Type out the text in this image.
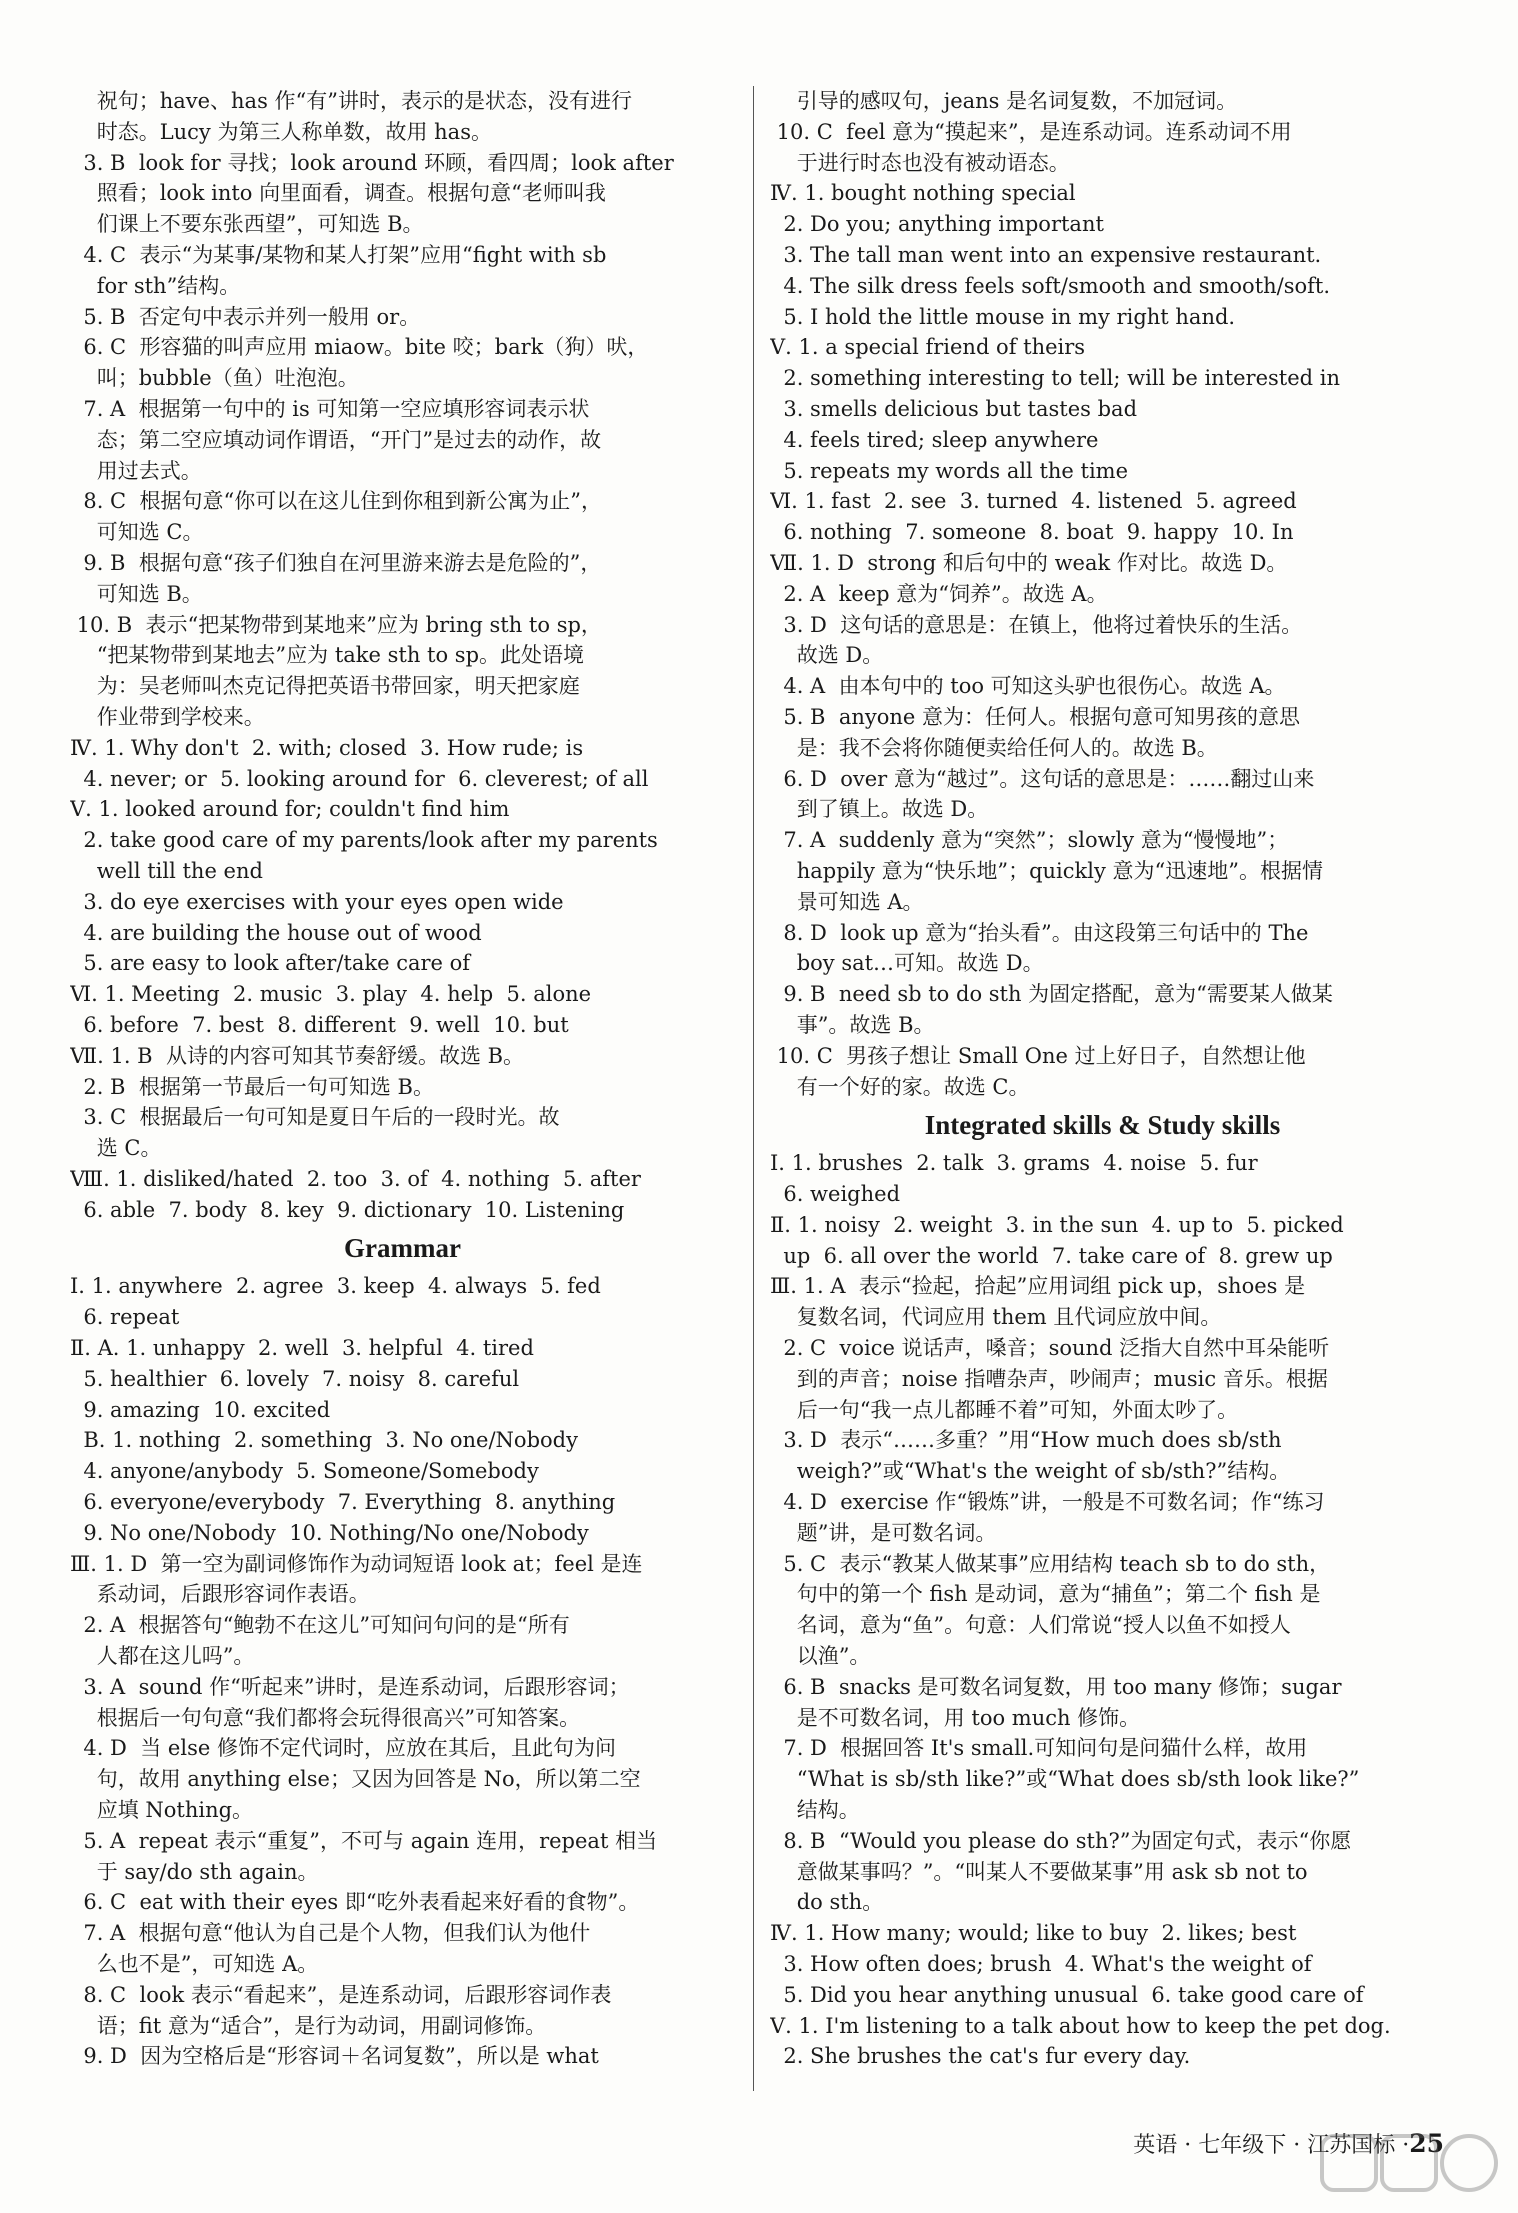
祝句；have、has 作“有”讲时，表示的是状态，没有进行
时态。Lucy 为第三人称单数，故用 has。
3. B  look for 寻找；look around 环顾，看四周；look after
照看；look into 向里面看，调查。根据句意“老师叫我
们课上不要东张西望”，可知选 B。
4. C  表示“为某事/某物和某人打架”应用“fight with sb
for sth”结构。
5. B  否定句中表示并列一般用 or。
6. C  形容猫的叫声应用 miaow。bite 咬；bark（狗）吠，
叫；bubble（鱼）吐泡泡。
7. A  根据第一句中的 is 可知第一空应填形容词表示状
态；第二空应填动词作谓语，“开门”是过去的动作，故
用过去式。
8. C  根据句意“你可以在这儿住到你租到新公寓为止”，
可知选 C。
9. B  根据句意“孩子们独自在河里游来游去是危险的”，
可知选 B。
10. B  表示“把某物带到某地来”应为 bring sth to sp，
“把某物带到某地去”应为 take sth to sp。此处语境
为：吴老师叫杰克记得把英语书带回家，明天把家庭
作业带到学校来。
Ⅳ. 1. Why don't  2. with; closed  3. How rude; is
4. never; or  5. looking around for  6. cleverest; of all
Ⅴ. 1. looked around for; couldn't find him
2. take good care of my parents/look after my parents
well till the end
3. do eye exercises with your eyes open wide
4. are building the house out of wood
5. are easy to look after/take care of
Ⅵ. 1. Meeting  2. music  3. play  4. help  5. alone
6. before  7. best  8. different  9. well  10. but
Ⅶ. 1. B  从诗的内容可知其节奏舒缓。故选 B。
2. B  根据第一节最后一句可知选 B。
3. C  根据最后一句可知是夏日午后的一段时光。故
选 C。
Ⅷ. 1. disliked/hated  2. too  3. of  4. nothing  5. after
6. able  7. body  8. key  9. dictionary  10. Listening
Grammar
Ⅰ. 1. anywhere  2. agree  3. keep  4. always  5. fed
6. repeat
Ⅱ. A. 1. unhappy  2. well  3. helpful  4. tired
5. healthier  6. lovely  7. noisy  8. careful
9. amazing  10. excited
B. 1. nothing  2. something  3. No one/Nobody
4. anyone/anybody  5. Someone/Somebody
6. everyone/everybody  7. Everything  8. anything
9. No one/Nobody  10. Nothing/No one/Nobody
Ⅲ. 1. D  第一空为副词修饰作为动词短语 look at；feel 是连
系动词，后跟形容词作表语。
2. A  根据答句“鲍勃不在这儿”可知问句问的是“所有
人都在这儿吗”。
3. A  sound 作“听起来”讲时，是连系动词，后跟形容词；
根据后一句句意“我们都将会玩得很高兴”可知答案。
4. D  当 else 修饰不定代词时，应放在其后，且此句为问
句，故用 anything else；又因为回答是 No，所以第二空
应填 Nothing。
5. A  repeat 表示“重复”，不可与 again 连用，repeat 相当
于 say/do sth again。
6. C  eat with their eyes 即“吃外表看起来好看的食物”。
7. A  根据句意“他认为自己是个人物，但我们认为他什
么也不是”，可知选 A。
8. C  look 表示“看起来”，是连系动词，后跟形容词作表
语；fit 意为“适合”，是行为动词，用副词修饰。
9. D  因为空格后是“形容词＋名词复数”，所以是 what
引导的感叹句，jeans 是名词复数，不加冠词。
10. C  feel 意为“摸起来”，是连系动词。连系动词不用
于进行时态也没有被动语态。
Ⅳ. 1. bought nothing special
2. Do you; anything important
3. The tall man went into an expensive restaurant.
4. The silk dress feels soft/smooth and smooth/soft.
5. I hold the little mouse in my right hand.
Ⅴ. 1. a special friend of theirs
2. something interesting to tell; will be interested in
3. smells delicious but tastes bad
4. feels tired; sleep anywhere
5. repeats my words all the time
Ⅵ. 1. fast  2. see  3. turned  4. listened  5. agreed
6. nothing  7. someone  8. boat  9. happy  10. In
Ⅶ. 1. D  strong 和后句中的 weak 作对比。故选 D。
2. A  keep 意为“饲养”。故选 A。
3. D  这句话的意思是：在镇上，他将过着快乐的生活。
故选 D。
4. A  由本句中的 too 可知这头驴也很伤心。故选 A。
5. B  anyone 意为：任何人。根据句意可知男孩的意思
是：我不会将你随便卖给任何人的。故选 B。
6. D  over 意为“越过”。这句话的意思是：……翻过山来
到了镇上。故选 D。
7. A  suddenly 意为“突然”；slowly 意为“慢慢地”；
happily 意为“快乐地”；quickly 意为“迅速地”。根据情
景可知选 A。
8. D  look up 意为“抬头看”。由这段第三句话中的 The
boy sat…可知。故选 D。
9. B  need sb to do sth 为固定搭配，意为“需要某人做某
事”。故选 B。
10. C  男孩子想让 Small One 过上好日子，自然想让他
有一个好的家。故选 C。
Integrated skills & Study skills
Ⅰ. 1. brushes  2. talk  3. grams  4. noise  5. fur
6. weighed
Ⅱ. 1. noisy  2. weight  3. in the sun  4. up to  5. picked
up  6. all over the world  7. take care of  8. grew up
Ⅲ. 1. A  表示“捡起，拾起”应用词组 pick up，shoes 是
复数名词，代词应用 them 且代词应放中间。
2. C  voice 说话声，嗓音；sound 泛指大自然中耳朵能听
到的声音；noise 指嘈杂声，吵闹声；music 音乐。根据
后一句“我一点儿都睡不着”可知，外面太吵了。
3. D  表示“……多重？”用“How much does sb/sth
weigh?”或“What's the weight of sb/sth?”结构。
4. D  exercise 作“锻炼”讲，一般是不可数名词；作“练习
题”讲，是可数名词。
5. C  表示“教某人做某事”应用结构 teach sb to do sth，
句中的第一个 fish 是动词，意为“捕鱼”；第二个 fish 是
名词，意为“鱼”。句意：人们常说“授人以鱼不如授人
以渔”。
6. B  snacks 是可数名词复数，用 too many 修饰；sugar
是不可数名词，用 too much 修饰。
7. D  根据回答 It's small.可知问句是问猫什么样，故用
“What is sb/sth like?”或“What does sb/sth look like?”
结构。
8. B  “Would you please do sth?”为固定句式，表示“你愿
意做某事吗？”。“叫某人不要做某事”用 ask sb not to
do sth。
Ⅳ. 1. How many; would; like to buy  2. likes; best
3. How often does; brush  4. What's the weight of
5. Did you hear anything unusual  6. take good care of
Ⅴ. 1. I'm listening to a talk about how to keep the pet dog.
2. She brushes the cat's fur every day.
英语 · 七年级下 · 江苏国标 ·25
